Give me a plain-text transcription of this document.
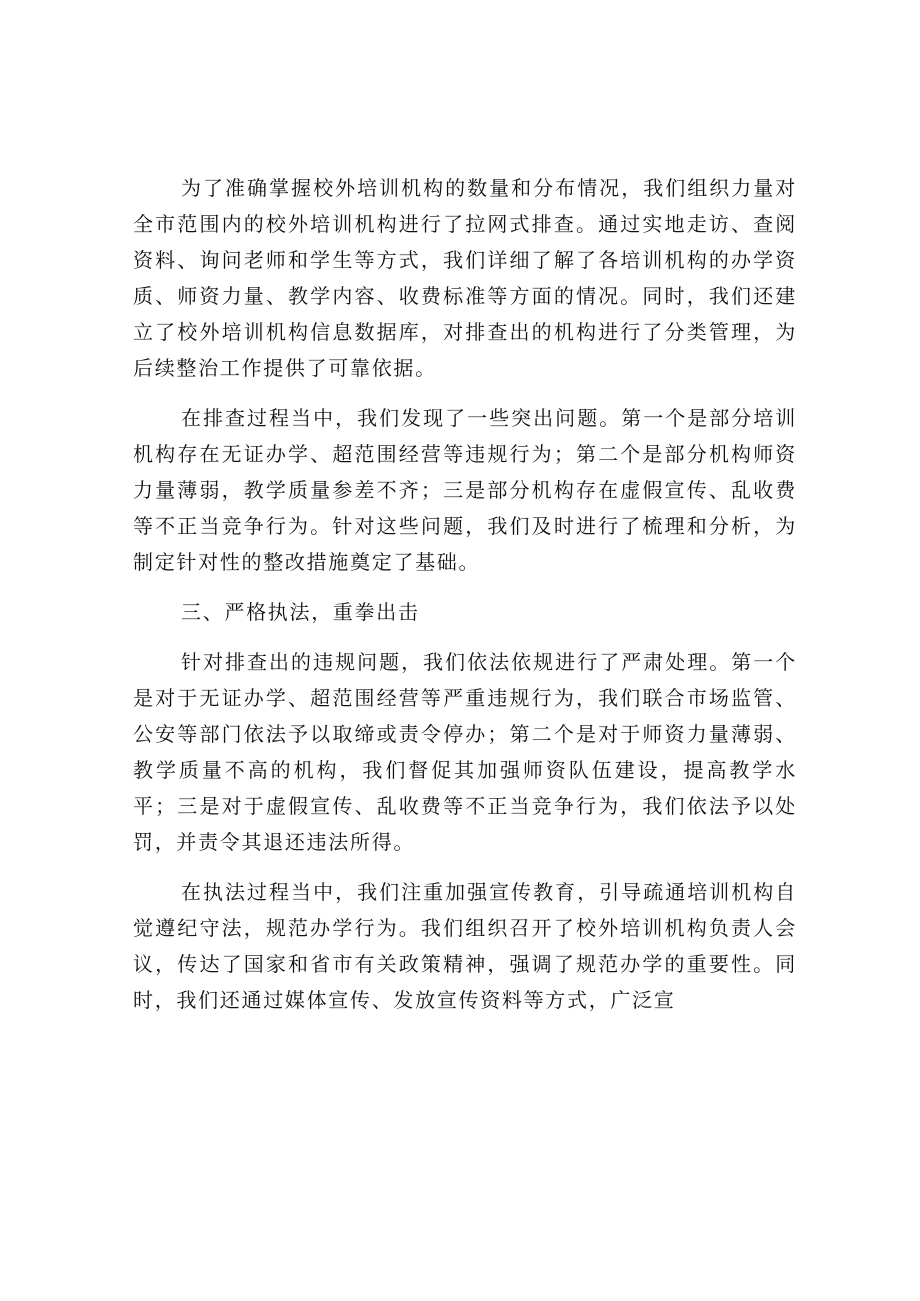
为了准确掌握校外培训机构的数量和分布情况，我们组织力量对全市范围内的校外培训机构进行了拉网式排查。通过实地走访、查阅资料、询问老师和学生等方式，我们详细了解了各培训机构的办学资质、师资力量、教学内容、收费标准等方面的情况。同时，我们还建立了校外培训机构信息数据库，对排查出的机构进行了分类管理，为后续整治工作提供了可靠依据。

在排查过程当中，我们发现了一些突出问题。第一个是部分培训机构存在无证办学、超范围经营等违规行为；第二个是部分机构师资力量薄弱，教学质量参差不齐；三是部分机构存在虚假宣传、乱收费等不正当竞争行为。针对这些问题，我们及时进行了梳理和分析，为制定针对性的整改措施奠定了基础。

三、严格执法，重拳出击

针对排查出的违规问题，我们依法依规进行了严肃处理。第一个是对于无证办学、超范围经营等严重违规行为，我们联合市场监管、公安等部门依法予以取缔或责令停办；第二个是对于师资力量薄弱、教学质量不高的机构，我们督促其加强师资队伍建设，提高教学水平；三是对于虚假宣传、乱收费等不正当竞争行为，我们依法予以处罚，并责令其退还违法所得。

在执法过程当中，我们注重加强宣传教育，引导疏通培训机构自觉遵纪守法，规范办学行为。我们组织召开了校外培训机构负责人会议，传达了国家和省市有关政策精神，强调了规范办学的重要性。同时，我们还通过媒体宣传、发放宣传资料等方式，广泛宣
